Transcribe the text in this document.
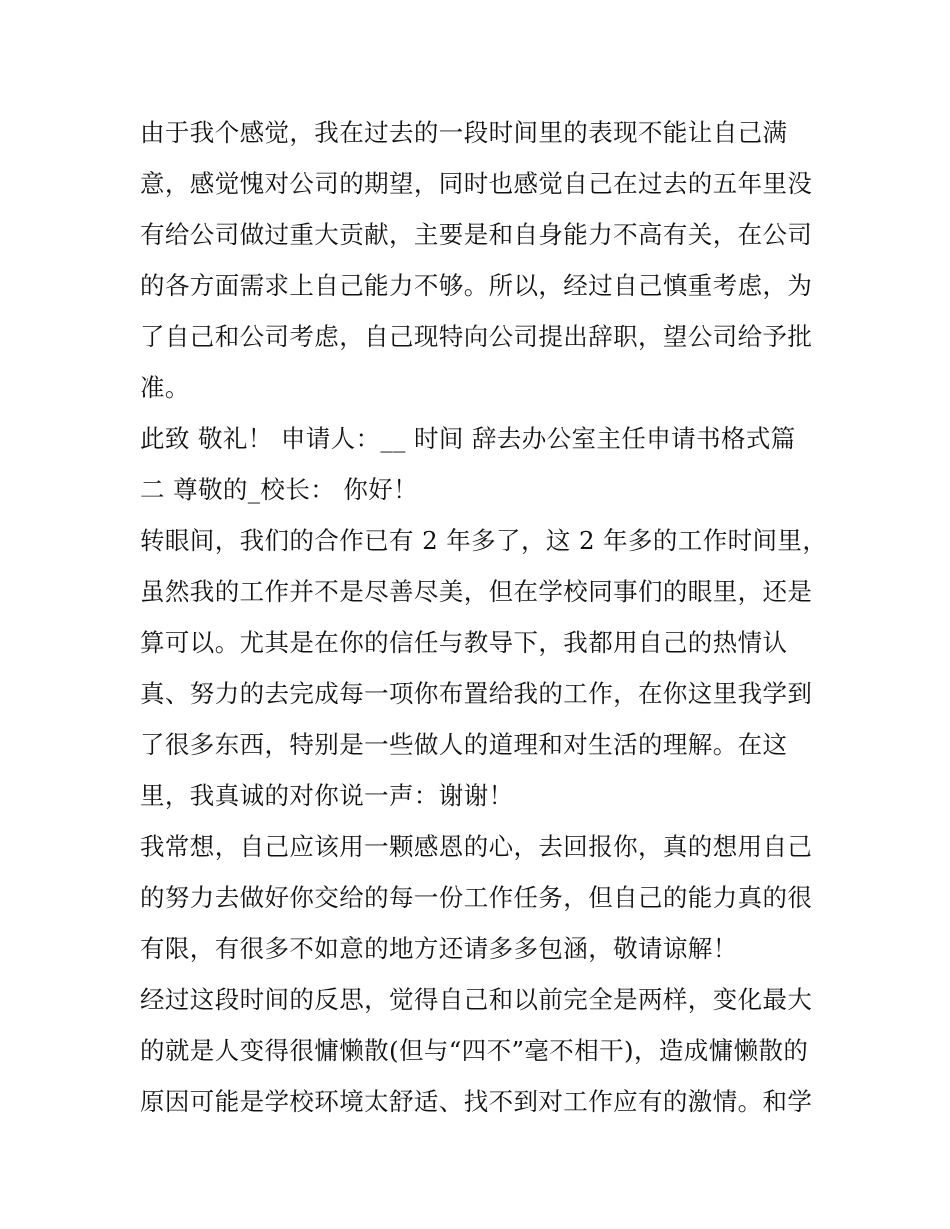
由于我个感觉，我在过去的一段时间里的表现不能让自己满
意，感觉愧对公司的期望，同时也感觉自己在过去的五年里没
有给公司做过重大贡献，主要是和自身能力不高有关，在公司
的各方面需求上自己能力不够。所以，经过自己慎重考虑，为
了自己和公司考虑，自己现特向公司提出辞职，望公司给予批
准。
此致 敬礼！ 申请人：__ 时间 辞去办公室主任申请书格式篇
二 尊敬的_校长： 你好！
转眼间，我们的合作已有 2 年多了，这 2 年多的工作时间里，
虽然我的工作并不是尽善尽美，但在学校同事们的眼里，还是
算可以。尤其是在你的信任与教导下，我都用自己的热情认
真、努力的去完成每一项你布置给我的工作，在你这里我学到
了很多东西，特别是一些做人的道理和对生活的理解。在这
里，我真诚的对你说一声：谢谢！
我常想，自己应该用一颗感恩的心，去回报你，真的想用自己
的努力去做好你交给的每一份工作任务，但自己的能力真的很
有限，有很多不如意的地方还请多多包涵，敬请谅解！
经过这段时间的反思，觉得自己和以前完全是两样，变化最大
的就是人变得很慵懒散(但与“四不”毫不相干)，造成慵懒散的
原因可能是学校环境太舒适、找不到对工作应有的激情。和学
